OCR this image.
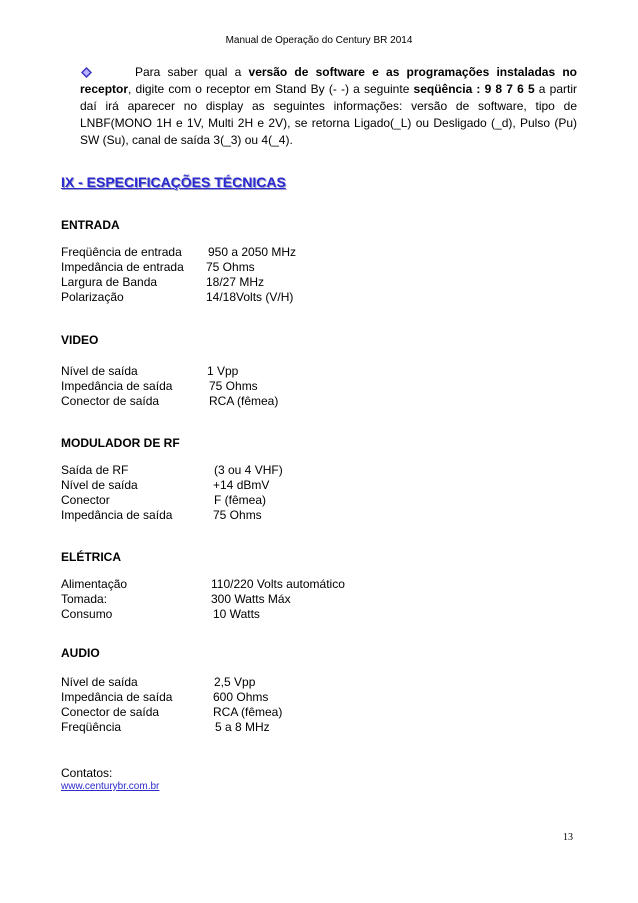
Manual de Operação do Century BR 2014
Para saber qual a versão de software e as programações instaladas no receptor, digite com o receptor em Stand By (- -) a seguinte seqüência : 9 8 7 6 5 a partir daí irá aparecer no display as seguintes informações: versão de software, tipo de LNBF(MONO 1H e 1V, Multi 2H e 2V), se retorna Ligado(_L) ou Desligado (_d), Pulso (Pu) SW (Su), canal de saída 3(_3) ou 4(_4).
IX - ESPECIFICAÇÕES TÉCNICAS
ENTRADA
Freqüência de entrada 950 a 2050 MHz
Impedância de entrada 75 Ohms
Largura de Banda	18/27 MHz
Polarização	14/18Volts (V/H)
VIDEO
Nível de saída	1 Vpp
Impedância de saída	75 Ohms
Conector de saída	RCA (fêmea)
MODULADOR DE RF
Saída de RF	(3 ou 4 VHF)
Nível de saída	+14 dBmV
Conector	F (fêmea)
Impedância de saída	75 Ohms
ELÉTRICA
Alimentação	110/220 Volts automático
Tomada:	300 Watts Máx
Consumo	10 Watts
AUDIO
Nível de saída	2,5 Vpp
Impedância de saída	600 Ohms
Conector de saída	RCA (fêmea)
Freqüência	5 a 8 MHz
Contatos:
www.centurybr.com.br
13
